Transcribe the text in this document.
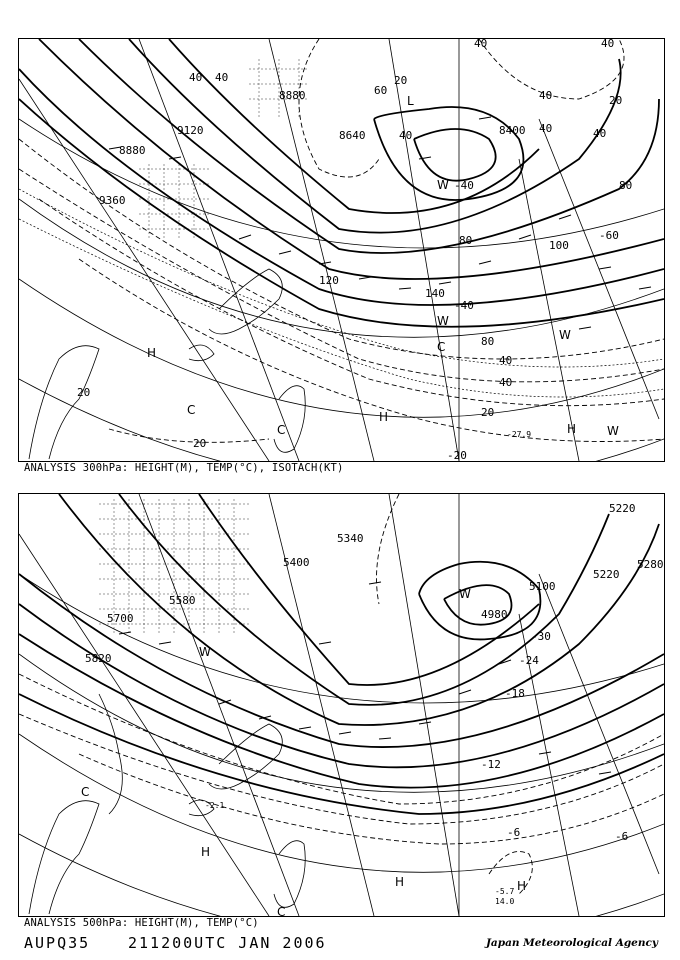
8880
8640	8400
9120
8880
9360
40
40
40	40
40
40	40
40
40
40
80
80
80	100
120
140
60
20
20
20
20
20
-20
-40
-40
-60
H
H
H
L
C
C
C
W
W
W
W
-27.9
ANALYSIS 300hPa: HEIGHT(M), TEMP(°C), ISOTACH(KT)
5340
5400
5580
5700
5820
4980
5100
5220
5220
5280
-30
-24
-18
-12
-6	-6
H
H	H
C
C
W
W
-5.7
14.0
-2.1
ANALYSIS 500hPa: HEIGHT(M), TEMP(°C)
AUPQ35	211200UTC JAN 2006	Japan Meteorological Agency
